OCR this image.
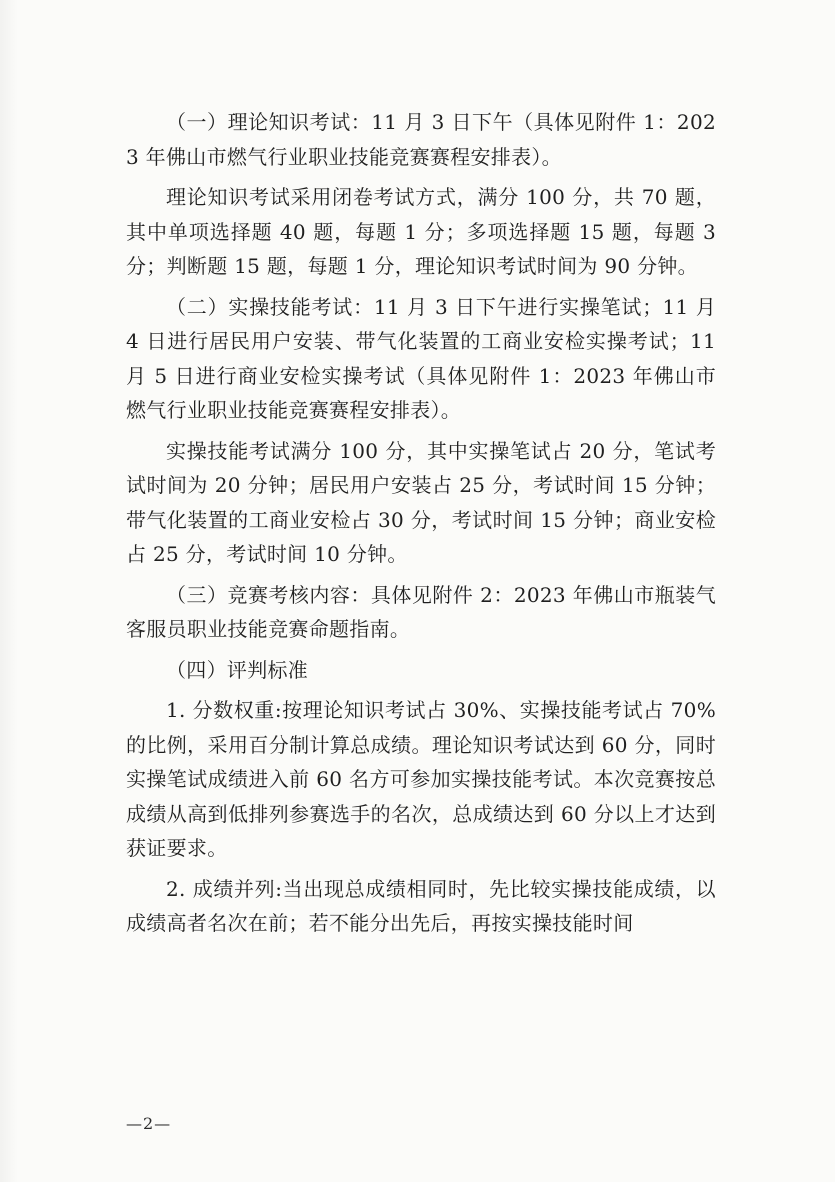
（一）理论知识考试：11 月 3 日下午（具体见附件 1：2023 年佛山市燃气行业职业技能竞赛赛程安排表）。

理论知识考试采用闭卷考试方式，满分 100 分，共 70 题，其中单项选择题 40 题，每题 1 分；多项选择题 15 题，每题 3 分；判断题 15 题，每题 1 分，理论知识考试时间为 90 分钟。

（二）实操技能考试：11 月 3 日下午进行实操笔试；11 月 4 日进行居民用户安装、带气化装置的工商业安检实操考试；11 月 5 日进行商业安检实操考试（具体见附件 1：2023 年佛山市燃气行业职业技能竞赛赛程安排表）。

实操技能考试满分 100 分，其中实操笔试占 20 分，笔试考试时间为 20 分钟；居民用户安装占 25 分，考试时间 15 分钟；带气化装置的工商业安检占 30 分，考试时间 15 分钟；商业安检占 25 分，考试时间 10 分钟。

（三）竞赛考核内容：具体见附件 2：2023 年佛山市瓶装气客服员职业技能竞赛命题指南。

（四）评判标准

1. 分数权重:按理论知识考试占 30%、实操技能考试占 70%的比例，采用百分制计算总成绩。理论知识考试达到 60 分，同时实操笔试成绩进入前 60 名方可参加实操技能考试。本次竞赛按总成绩从高到低排列参赛选手的名次，总成绩达到 60 分以上才达到获证要求。

2. 成绩并列:当出现总成绩相同时，先比较实操技能成绩，以成绩高者名次在前；若不能分出先后，再按实操技能时间

—2—
